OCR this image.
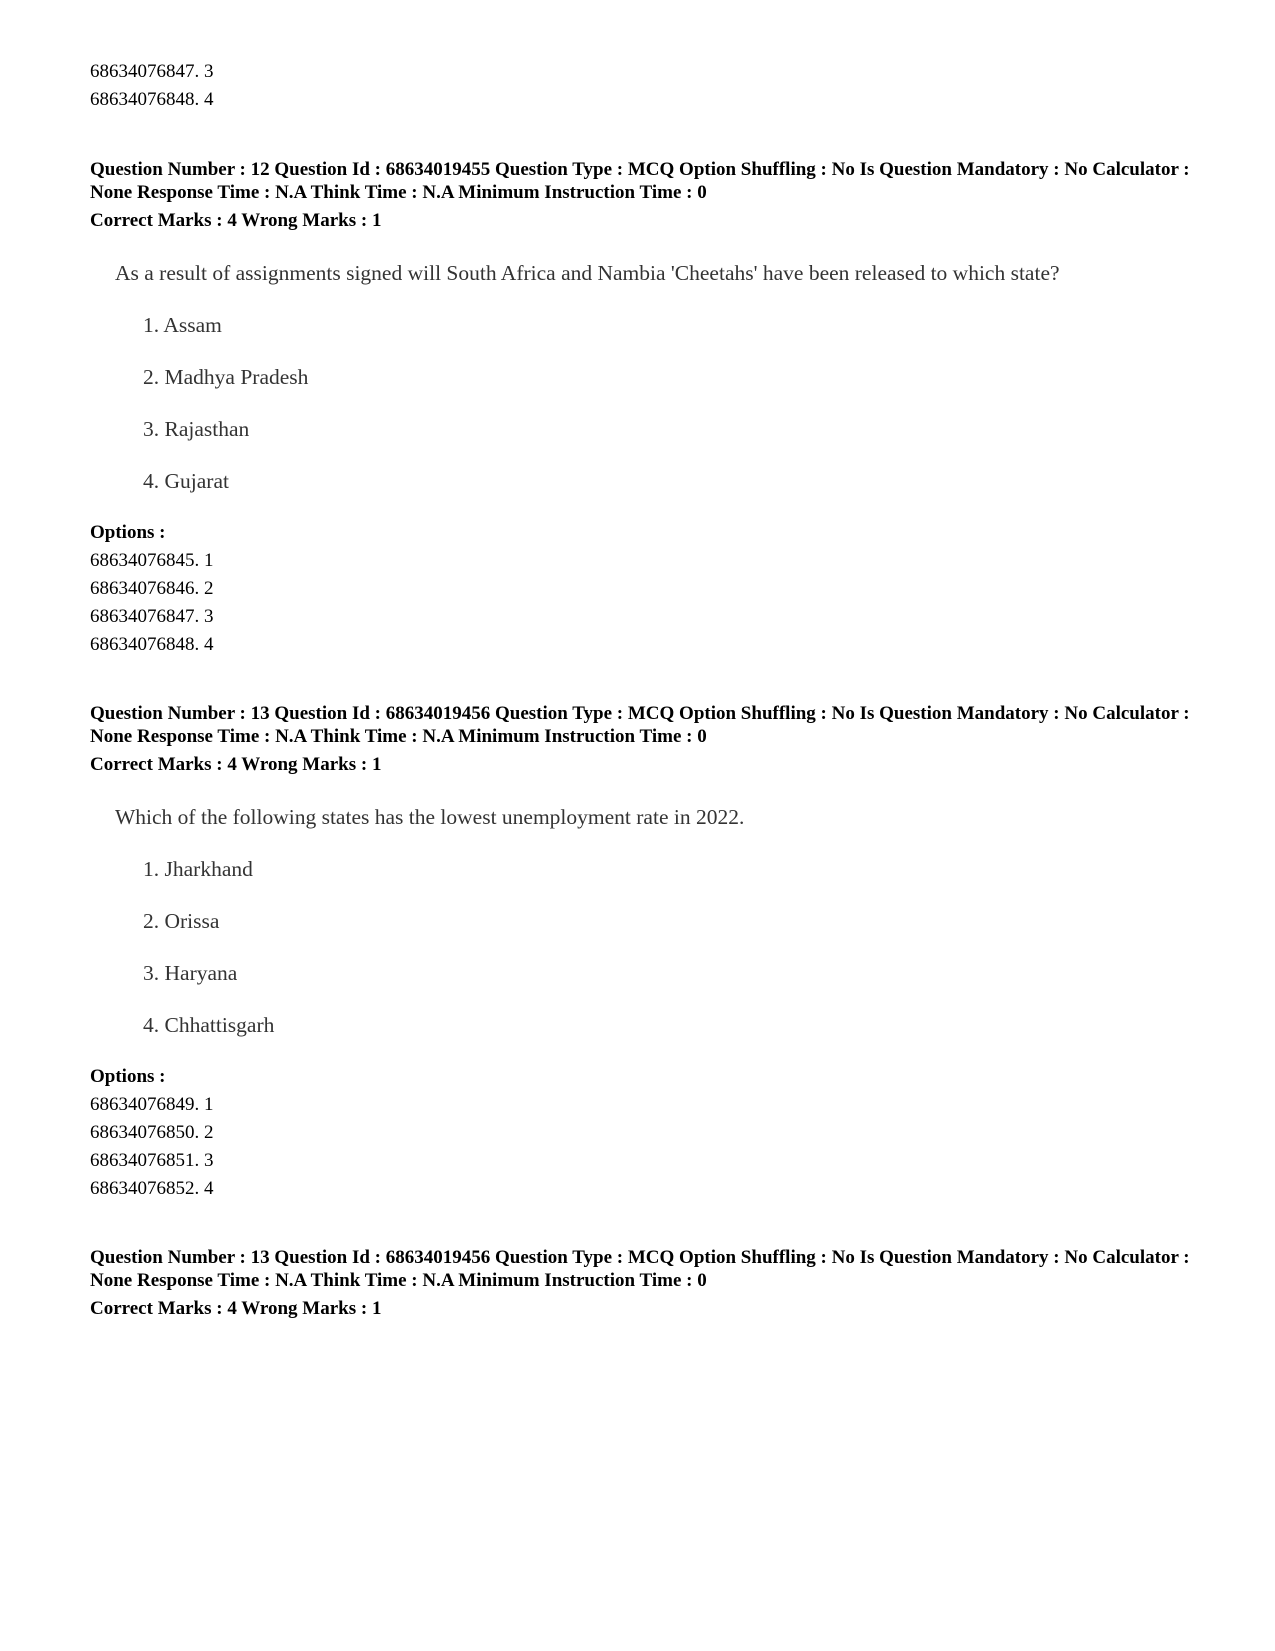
68634076847. 3
68634076848. 4
Question Number : 12 Question Id : 68634019455 Question Type : MCQ Option Shuffling : No Is Question Mandatory : No Calculator : None Response Time : N.A Think Time : N.A Minimum Instruction Time : 0
Correct Marks : 4 Wrong Marks : 1
As a result of assignments signed will South Africa and Nambia 'Cheetahs' have been released to which state?
1. Assam
2. Madhya Pradesh
3. Rajasthan
4. Gujarat
Options :
68634076845. 1
68634076846. 2
68634076847. 3
68634076848. 4
Question Number : 13 Question Id : 68634019456 Question Type : MCQ Option Shuffling : No Is Question Mandatory : No Calculator : None Response Time : N.A Think Time : N.A Minimum Instruction Time : 0
Correct Marks : 4 Wrong Marks : 1
Which of the following states has the lowest unemployment rate in 2022.
1. Jharkhand
2. Orissa
3. Haryana
4. Chhattisgarh
Options :
68634076849. 1
68634076850. 2
68634076851. 3
68634076852. 4
Question Number : 13 Question Id : 68634019456 Question Type : MCQ Option Shuffling : No Is Question Mandatory : No Calculator : None Response Time : N.A Think Time : N.A Minimum Instruction Time : 0
Correct Marks : 4 Wrong Marks : 1
